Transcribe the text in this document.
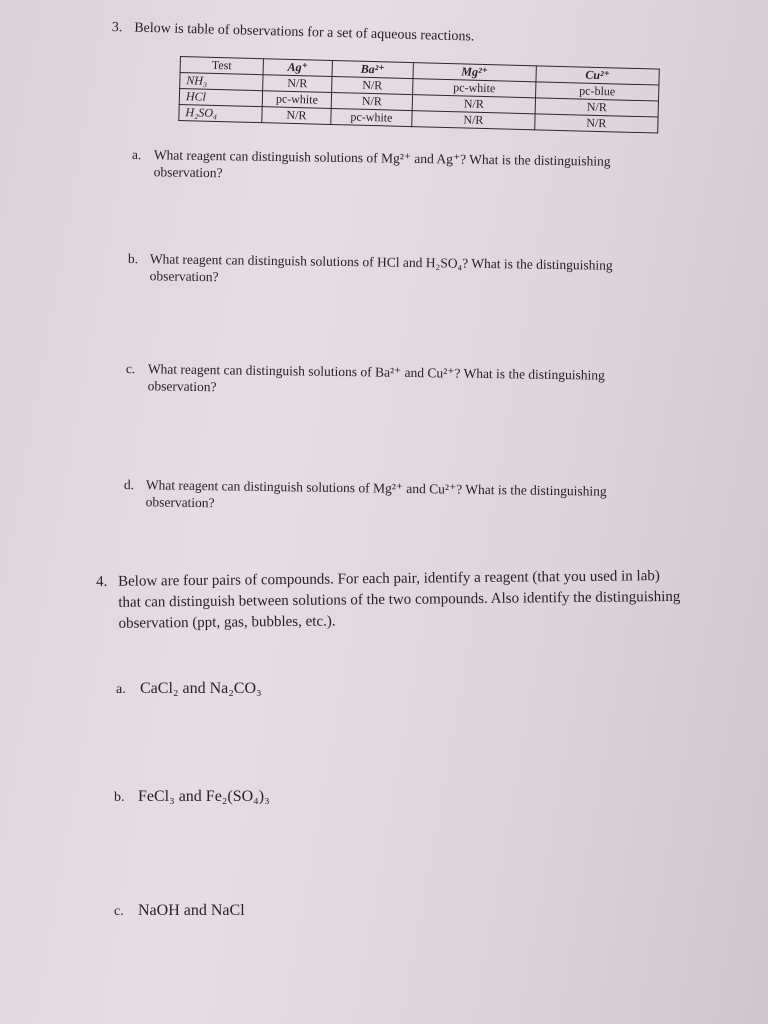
3. Below is table of observations for a set of aqueous reactions.
Test	Ag⁺	Ba²⁺	Mg²⁺	Cu²⁺
NH₃	N/R	N/R	pc-white	pc-blue
HCl	pc-white	N/R	N/R	N/R
H₂SO₄	N/R	pc-white	N/R	N/R
a. What reagent can distinguish solutions of Mg²⁺ and Ag⁺? What is the distinguishing
observation?
b. What reagent can distinguish solutions of HCl and H₂SO₄? What is the distinguishing
observation?
c. What reagent can distinguish solutions of Ba²⁺ and Cu²⁺? What is the distinguishing
observation?
d. What reagent can distinguish solutions of Mg²⁺ and Cu²⁺? What is the distinguishing
observation?
4. Below are four pairs of compounds. For each pair, identify a reagent (that you used in lab)
that can distinguish between solutions of the two compounds. Also identify the distinguishing
observation (ppt, gas, bubbles, etc.).
a. CaCl₂ and Na₂CO₃
b. FeCl₃ and Fe₂(SO₄)₃
c. NaOH and NaCl
